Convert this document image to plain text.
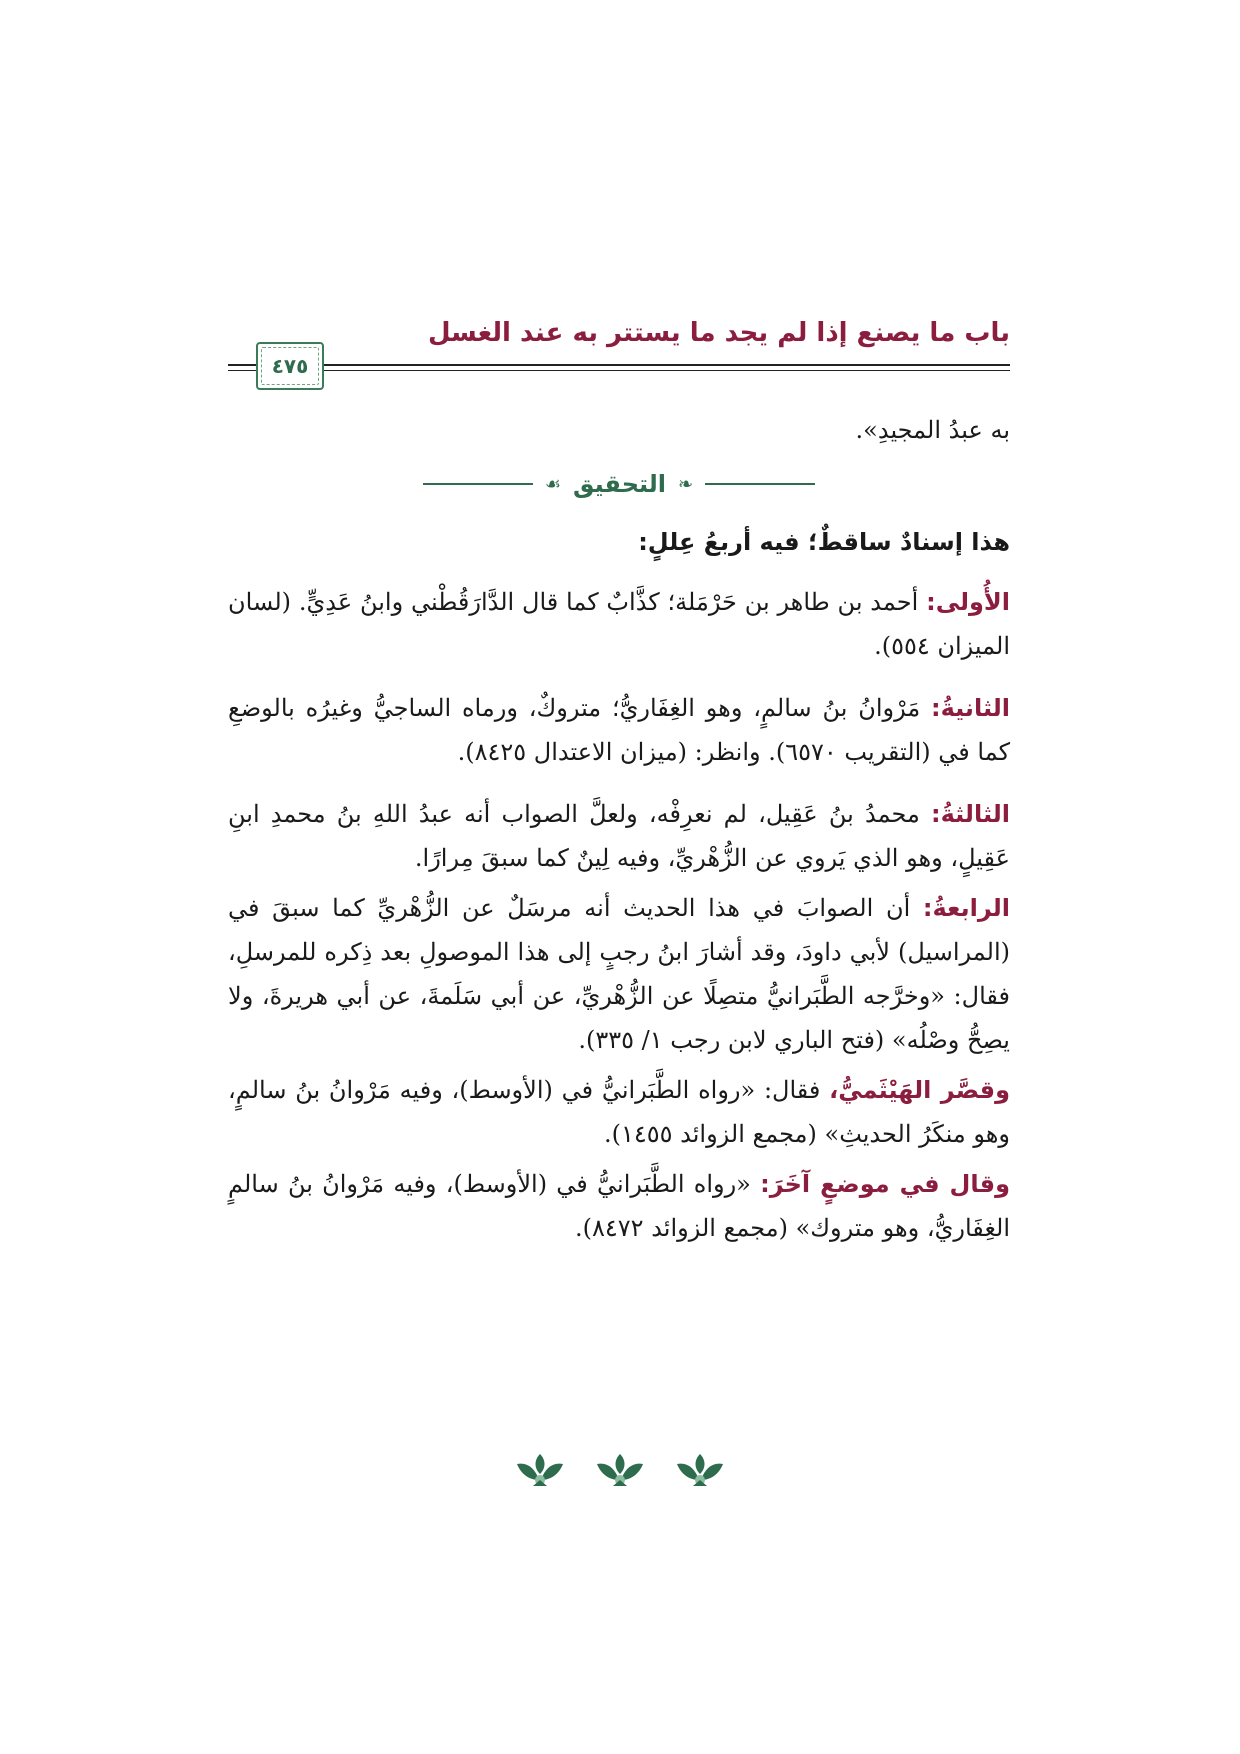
باب ما يصنع إذا لم يجد ما يستتر به عند الغسل
٤٧٥

به عبدُ المجيدِ».

❧
التحقيق
☙

هذا إسنادٌ ساقطٌ؛ فيه أربعُ عِللٍ:

الأُولى: أحمد بن طاهر بن حَرْمَلة؛ كذَّابٌ كما قال الدَّارَقُطْني وابنُ عَدِيٍّ. (لسان الميزان ٥٥٤).

الثانيةُ: مَرْوانُ بنُ سالمٍ، وهو الغِفَاريُّ؛ متروكٌ، ورماه الساجيُّ وغيرُه بالوضعِ كما في (التقريب ٦٥٧٠). وانظر: (ميزان الاعتدال ٨٤٢٥).

الثالثةُ: محمدُ بنُ عَقِيل، لم نعرِفْه، ولعلَّ الصواب أنه عبدُ اللهِ بنُ محمدِ ابنِ عَقِيلٍ، وهو الذي يَروي عن الزُّهْريِّ، وفيه لِينٌ كما سبقَ مِرارًا.

الرابعةُ: أن الصوابَ في هذا الحديث أنه مرسَلٌ عن الزُّهْريِّ كما سبقَ في (المراسيل) لأبي داودَ، وقد أشارَ ابنُ رجبٍ إلى هذا الموصولِ بعد ذِكره للمرسلِ، فقال: «وخرَّجه الطَّبَرانيُّ متصِلًا عن الزُّهْريِّ، عن أبي سَلَمةَ، عن أبي هريرةَ، ولا يصِحُّ وصْلُه» (فتح الباري لابن رجب ١/ ٣٣٥).

وقصَّر الهَيْثَميُّ، فقال: «رواه الطَّبَرانيُّ في (الأوسط)، وفيه مَرْوانُ بنُ سالمٍ، وهو منكَرُ الحديثِ» (مجمع الزوائد ١٤٥٥).

وقال في موضعٍ آخَرَ: «رواه الطَّبَرانيُّ في (الأوسط)، وفيه مَرْوانُ بنُ سالمٍ الغِفَاريُّ، وهو متروك» (مجمع الزوائد ٨٤٧٢).
